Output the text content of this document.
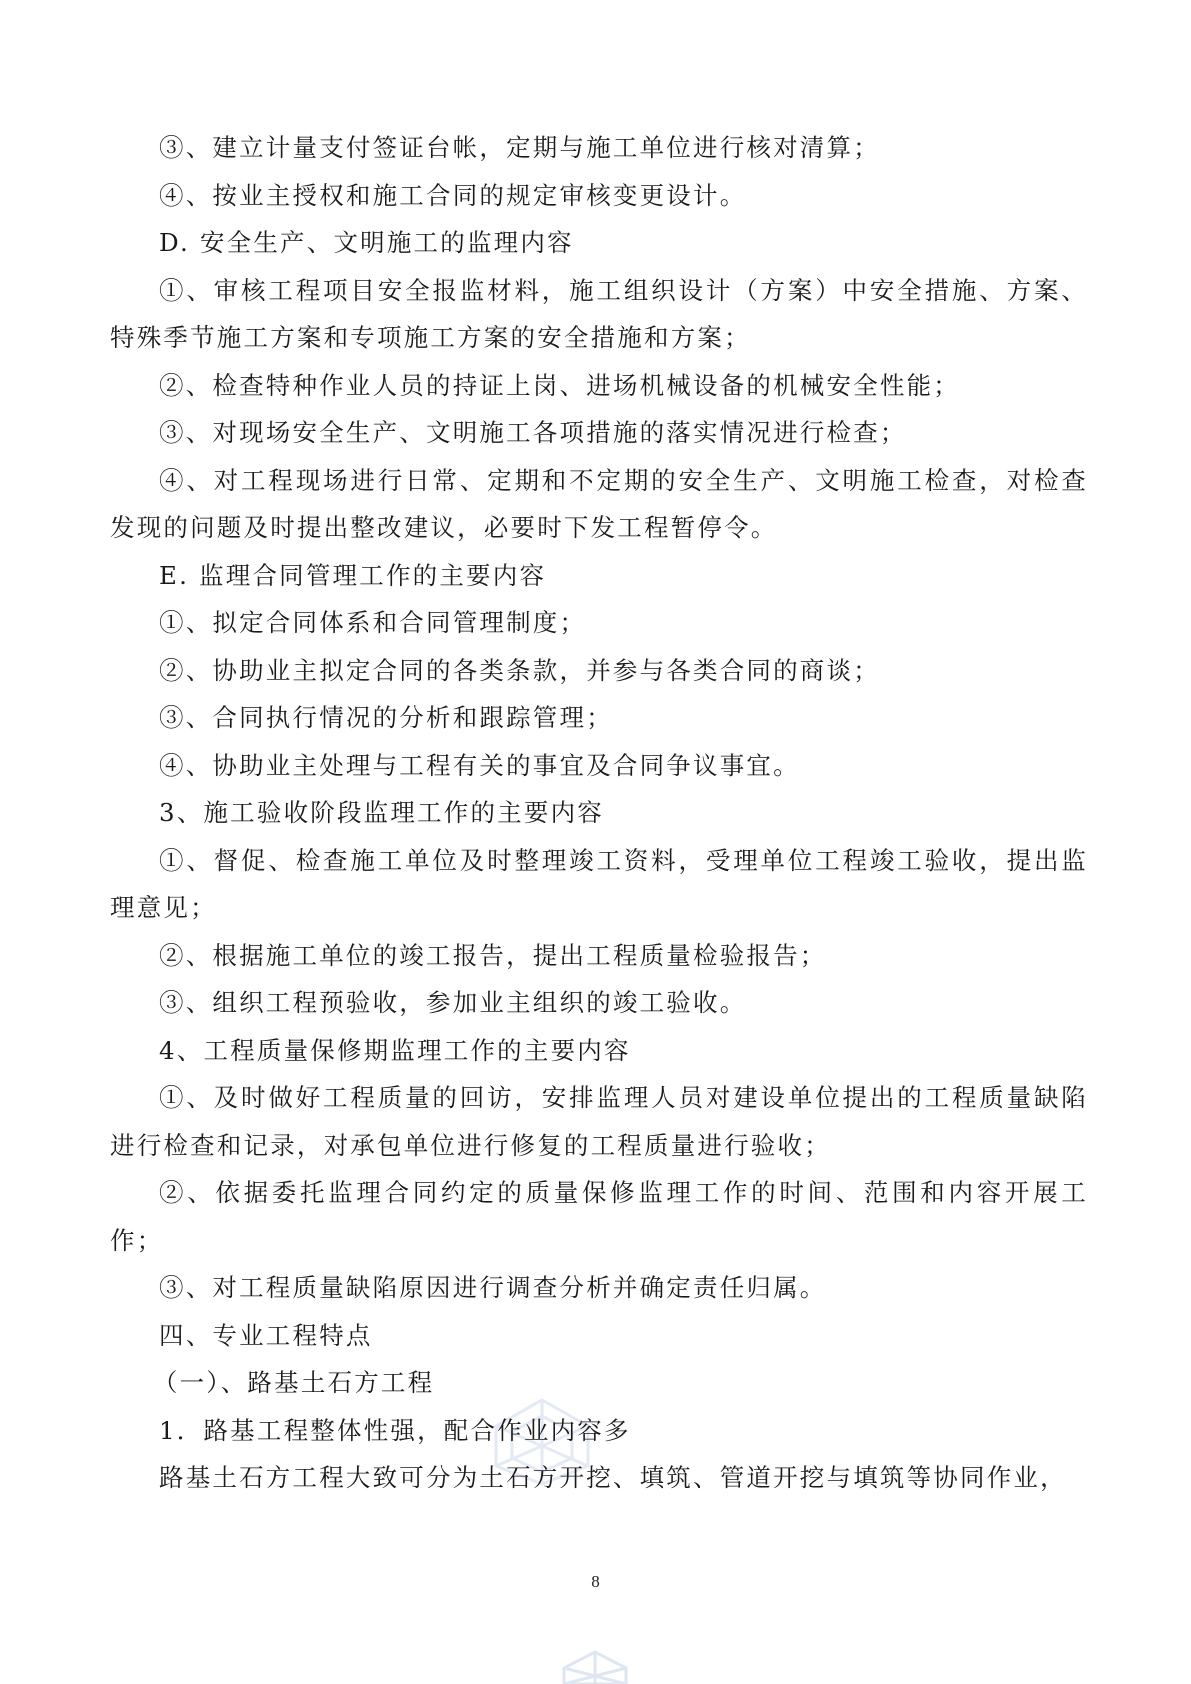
③、建立计量支付签证台帐，定期与施工单位进行核对清算；

④、按业主授权和施工合同的规定审核变更设计。

D. 安全生产、文明施工的监理内容

①、审核工程项目安全报监材料，施工组织设计（方案）中安全措施、方案、特殊季节施工方案和专项施工方案的安全措施和方案；

②、检查特种作业人员的持证上岗、进场机械设备的机械安全性能；

③、对现场安全生产、文明施工各项措施的落实情况进行检查；

④、对工程现场进行日常、定期和不定期的安全生产、文明施工检查，对检查发现的问题及时提出整改建议，必要时下发工程暂停令。

E. 监理合同管理工作的主要内容

①、拟定合同体系和合同管理制度；

②、协助业主拟定合同的各类条款，并参与各类合同的商谈；

③、合同执行情况的分析和跟踪管理；

④、协助业主处理与工程有关的事宜及合同争议事宜。

3、施工验收阶段监理工作的主要内容

①、督促、检查施工单位及时整理竣工资料，受理单位工程竣工验收，提出监理意见；

②、根据施工单位的竣工报告，提出工程质量检验报告；

③、组织工程预验收，参加业主组织的竣工验收。

4、工程质量保修期监理工作的主要内容

①、及时做好工程质量的回访，安排监理人员对建设单位提出的工程质量缺陷进行检查和记录，对承包单位进行修复的工程质量进行验收；

②、依据委托监理合同约定的质量保修监理工作的时间、范围和内容开展工作；

③、对工程质量缺陷原因进行调查分析并确定责任归属。

四、专业工程特点

（一）、路基土石方工程

1．路基工程整体性强，配合作业内容多

路基土石方工程大致可分为土石方开挖、填筑、管道开挖与填筑等协同作业，

8
